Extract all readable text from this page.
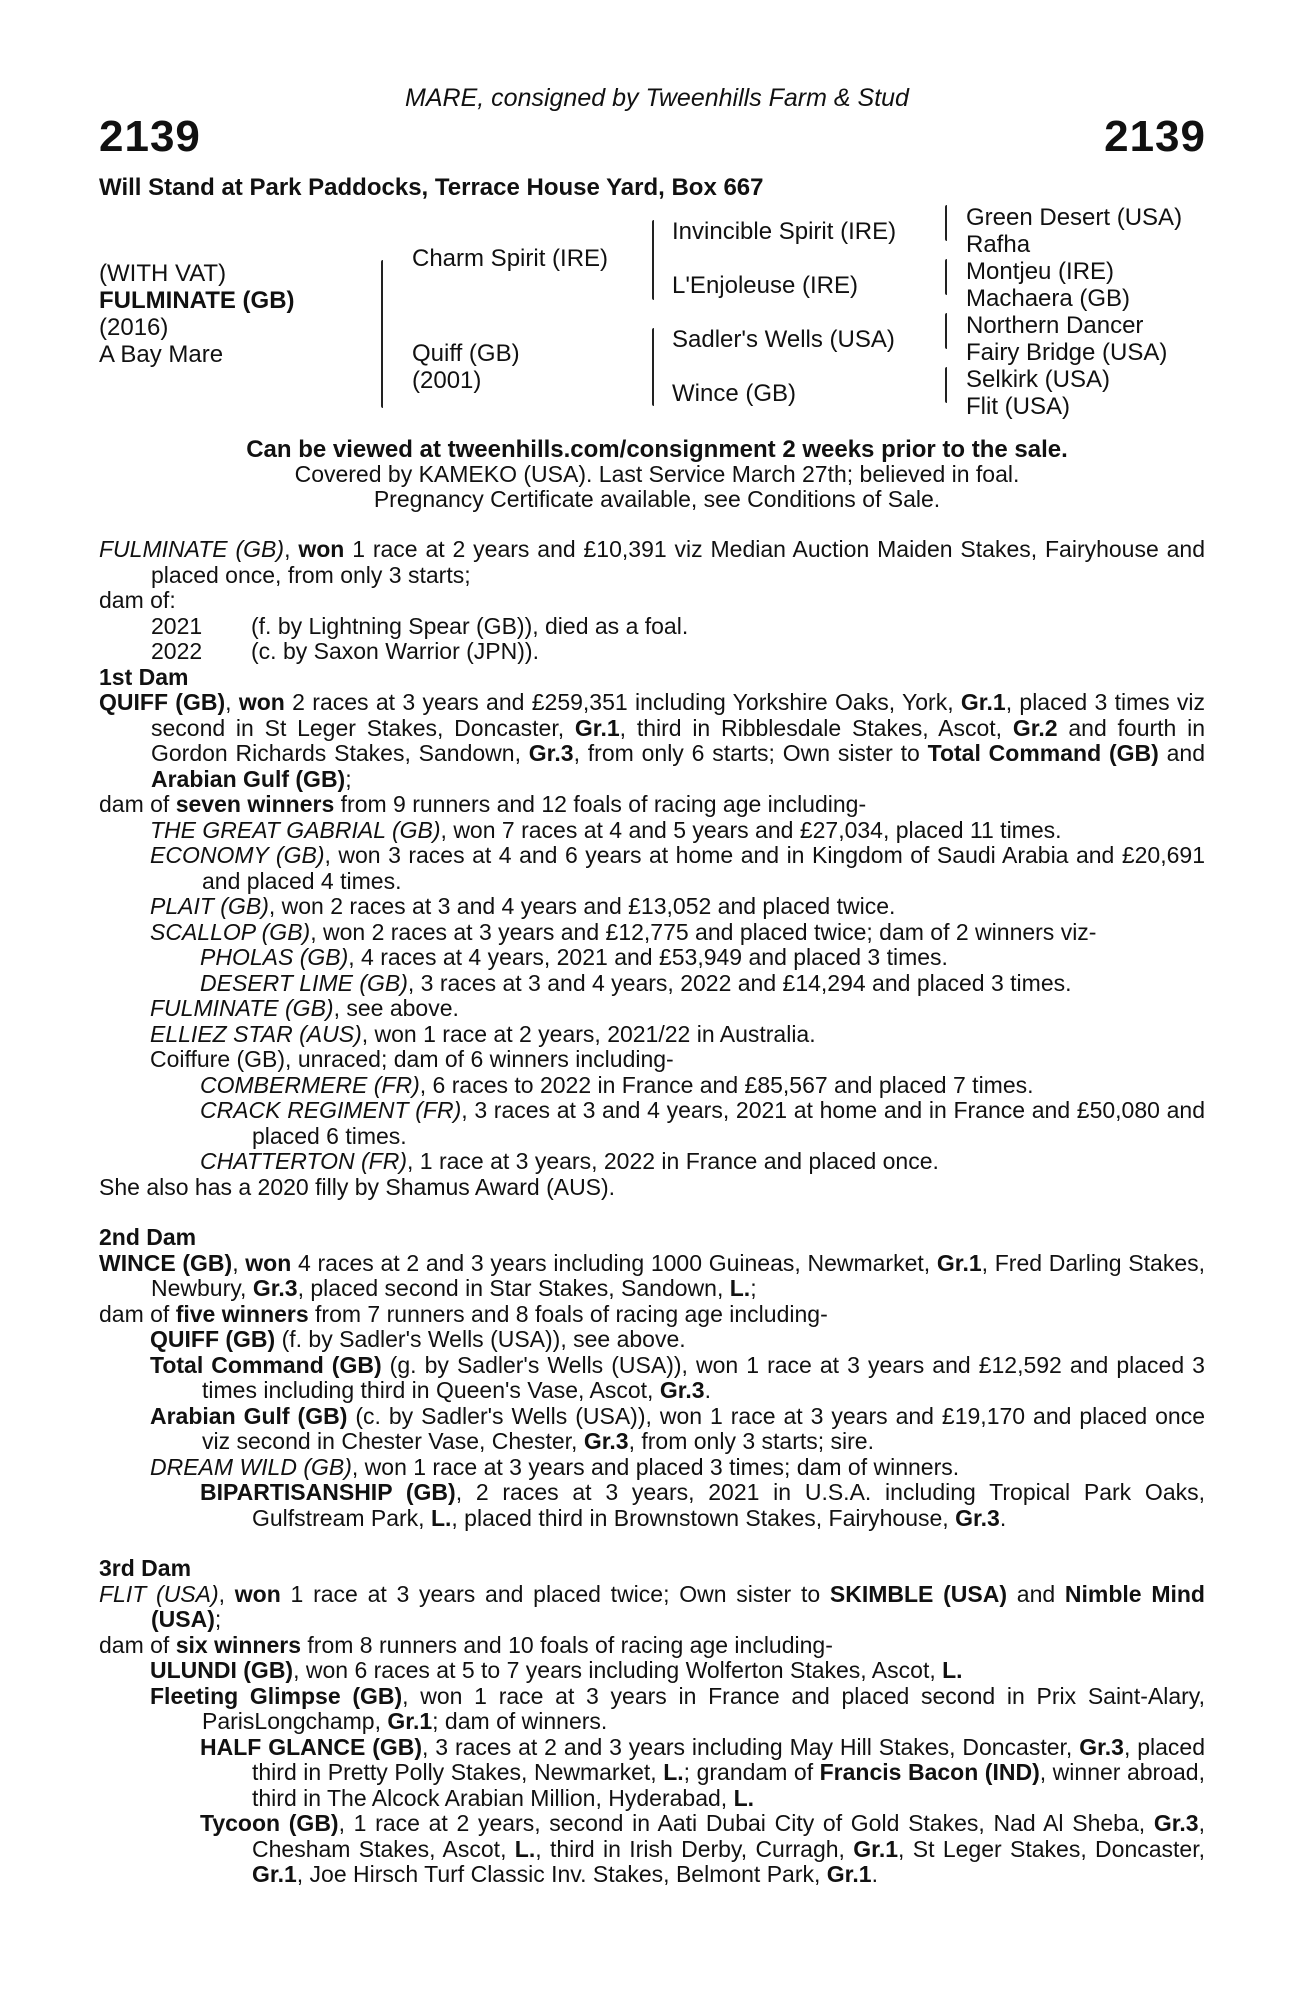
MARE, consigned by Tweenhills Farm & Stud
2139	2139
Will Stand at Park Paddocks, Terrace House Yard, Box 667
(WITH VAT)
FULMINATE (GB)
(2016)
A Bay Mare
Charm Spirit (IRE)
Quiff (GB)
(2001)
Invincible Spirit (IRE)
L'Enjoleuse (IRE)
Sadler's Wells (USA)
Wince (GB)
Green Desert (USA)
Rafha
Montjeu (IRE)
Machaera (GB)
Northern Dancer
Fairy Bridge (USA)
Selkirk (USA)
Flit (USA)
Can be viewed at tweenhills.com/consignment 2 weeks prior to the sale.
Covered by KAMEKO (USA). Last Service March 27th; believed in foal.
Pregnancy Certificate available, see Conditions of Sale.

FULMINATE (GB), won 1 race at 2 years and £10,391 viz Median Auction Maiden Stakes, Fairyhouse and placed once, from only 3 starts;

dam of:

2021 (f. by Lightning Spear (GB)), died as a foal.

2022 (c. by Saxon Warrior (JPN)).

1st Dam

QUIFF (GB), won 2 races at 3 years and £259,351 including Yorkshire Oaks, York, Gr.1, placed 3 times viz second in St Leger Stakes, Doncaster, Gr.1, third in Ribblesdale Stakes, Ascot, Gr.2 and fourth in Gordon Richards Stakes, Sandown, Gr.3, from only 6 starts; Own sister to Total Command (GB) and Arabian Gulf (GB);

dam of seven winners from 9 runners and 12 foals of racing age including-

THE GREAT GABRIAL (GB), won 7 races at 4 and 5 years and £27,034, placed 11 times.

ECONOMY (GB), won 3 races at 4 and 6 years at home and in Kingdom of Saudi Arabia and £20,691 and placed 4 times.

PLAIT (GB), won 2 races at 3 and 4 years and £13,052 and placed twice.

SCALLOP (GB), won 2 races at 3 years and £12,775 and placed twice; dam of 2 winners viz-

PHOLAS (GB), 4 races at 4 years, 2021 and £53,949 and placed 3 times.

DESERT LIME (GB), 3 races at 3 and 4 years, 2022 and £14,294 and placed 3 times.

FULMINATE (GB), see above.

ELLIEZ STAR (AUS), won 1 race at 2 years, 2021/22 in Australia.

Coiffure (GB), unraced; dam of 6 winners including-

COMBERMERE (FR), 6 races to 2022 in France and £85,567 and placed 7 times.

CRACK REGIMENT (FR), 3 races at 3 and 4 years, 2021 at home and in France and £50,080 and placed 6 times.

CHATTERTON (FR), 1 race at 3 years, 2022 in France and placed once.

She also has a 2020 filly by Shamus Award (AUS).

2nd Dam

WINCE (GB), won 4 races at 2 and 3 years including 1000 Guineas, Newmarket, Gr.1, Fred Darling Stakes, Newbury, Gr.3, placed second in Star Stakes, Sandown, L.;

dam of five winners from 7 runners and 8 foals of racing age including-

QUIFF (GB) (f. by Sadler's Wells (USA)), see above.

Total Command (GB) (g. by Sadler's Wells (USA)), won 1 race at 3 years and £12,592 and placed 3 times including third in Queen's Vase, Ascot, Gr.3.

Arabian Gulf (GB) (c. by Sadler's Wells (USA)), won 1 race at 3 years and £19,170 and placed once viz second in Chester Vase, Chester, Gr.3, from only 3 starts; sire.

DREAM WILD (GB), won 1 race at 3 years and placed 3 times; dam of winners.

BIPARTISANSHIP (GB), 2 races at 3 years, 2021 in U.S.A. including Tropical Park Oaks, Gulfstream Park, L., placed third in Brownstown Stakes, Fairyhouse, Gr.3.

3rd Dam

FLIT (USA), won 1 race at 3 years and placed twice; Own sister to SKIMBLE (USA) and Nimble Mind (USA);

dam of six winners from 8 runners and 10 foals of racing age including-

ULUNDI (GB), won 6 races at 5 to 7 years including Wolferton Stakes, Ascot, L.

Fleeting Glimpse (GB), won 1 race at 3 years in France and placed second in Prix Saint-Alary, ParisLongchamp, Gr.1; dam of winners.

HALF GLANCE (GB), 3 races at 2 and 3 years including May Hill Stakes, Doncaster, Gr.3, placed third in Pretty Polly Stakes, Newmarket, L.; grandam of Francis Bacon (IND), winner abroad, third in The Alcock Arabian Million, Hyderabad, L.

Tycoon (GB), 1 race at 2 years, second in Aati Dubai City of Gold Stakes, Nad Al Sheba, Gr.3, Chesham Stakes, Ascot, L., third in Irish Derby, Curragh, Gr.1, St Leger Stakes, Doncaster, Gr.1, Joe Hirsch Turf Classic Inv. Stakes, Belmont Park, Gr.1.
